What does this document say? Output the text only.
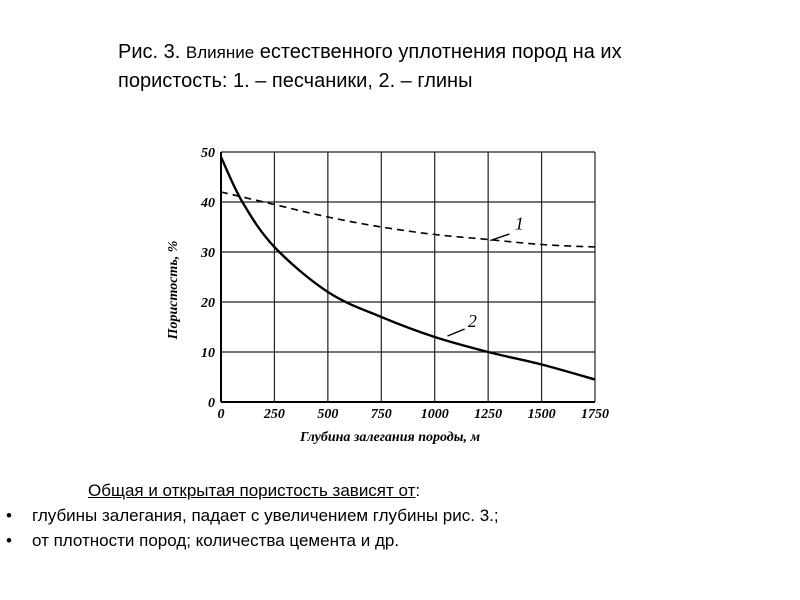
Рис. 3. Влияние естественного уплотнения пород на их пористость: 1. – песчаники, 2. – глины
0	250 500 750 1000 1250 1500 1750
0
10
20
30
40
50
1
2
Глубина залегания породы, м
Пористость, %
Общая и открытая пористость зависят от:
•	глубины залегания, падает с увеличением глубины рис. 3.;
•	от плотности пород; количества цемента и др.
